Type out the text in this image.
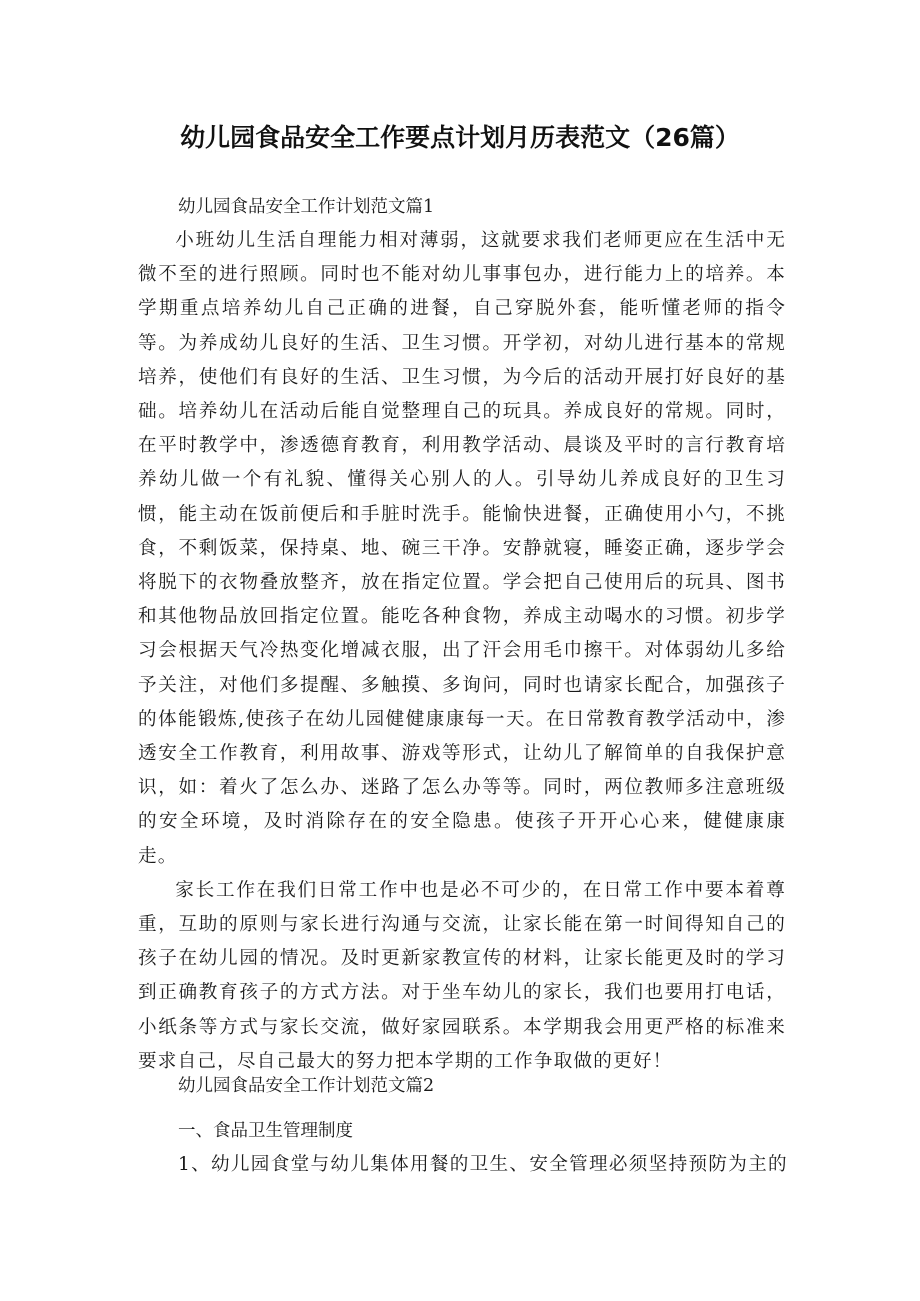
幼儿园食品安全工作要点计划月历表范文（26篇）
幼儿园食品安全工作计划范文篇1

小班幼儿生活自理能力相对薄弱，这就要求我们老师更应在生活中无微不至的进行照顾。同时也不能对幼儿事事包办，进行能力上的培养。本学期重点培养幼儿自己正确的进餐，自己穿脱外套，能听懂老师的指令等。为养成幼儿良好的生活、卫生习惯。开学初，对幼儿进行基本的常规培养，使他们有良好的生活、卫生习惯，为今后的活动开展打好良好的基础。培养幼儿在活动后能自觉整理自己的玩具。养成良好的常规。同时，在平时教学中，渗透德育教育，利用教学活动、晨谈及平时的言行教育培养幼儿做一个有礼貌、懂得关心别人的人。引导幼儿养成良好的卫生习惯，能主动在饭前便后和手脏时洗手。能愉快进餐，正确使用小勺，不挑食，不剩饭菜，保持桌、地、碗三干净。安静就寝，睡姿正确，逐步学会将脱下的衣物叠放整齐，放在指定位置。学会把自己使用后的玩具、图书和其他物品放回指定位置。能吃各种食物，养成主动喝水的习惯。初步学习会根据天气冷热变化增减衣服，出了汗会用毛巾擦干。对体弱幼儿多给予关注，对他们多提醒、多触摸、多询问，同时也请家长配合，加强孩子的体能锻炼,使孩子在幼儿园健健康康每一天。在日常教育教学活动中，渗透安全工作教育，利用故事、游戏等形式，让幼儿了解简单的自我保护意识，如：着火了怎么办、迷路了怎么办等等。同时，两位教师多注意班级的安全环境，及时消除存在的安全隐患。使孩子开开心心来，健健康康走。

家长工作在我们日常工作中也是必不可少的，在日常工作中要本着尊重，互助的原则与家长进行沟通与交流，让家长能在第一时间得知自己的孩子在幼儿园的情况。及时更新家教宣传的材料，让家长能更及时的学习到正确教育孩子的方式方法。对于坐车幼儿的家长，我们也要用打电话，小纸条等方式与家长交流，做好家园联系。本学期我会用更严格的标准来要求自己，尽自己最大的努力把本学期的工作争取做的更好！

幼儿园食品安全工作计划范文篇2
一、食品卫生管理制度

1、幼儿园食堂与幼儿集体用餐的卫生、安全管理必须坚持预防为主的
